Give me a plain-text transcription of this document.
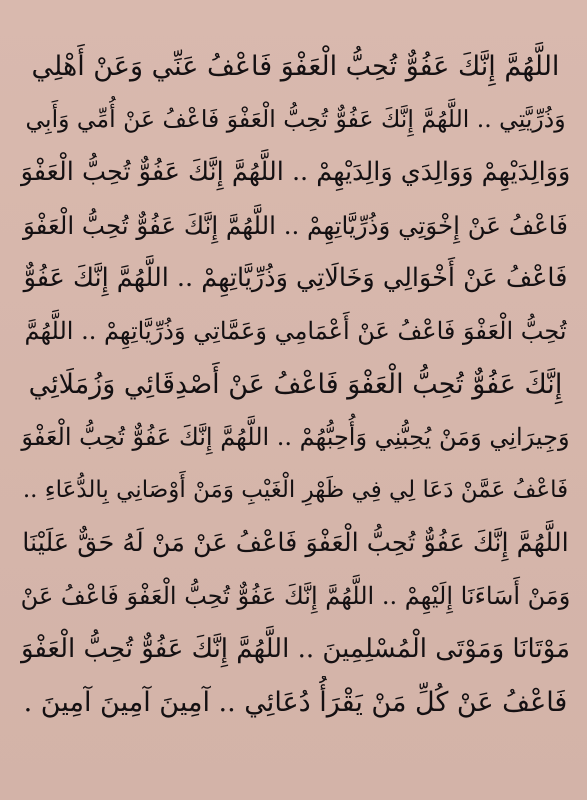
اللَّهُمَّ إِنَّكَ عَفُوٌّ تُحِبُّ الْعَفْوَ فَاعْفُ عَنِّي وَعَنْ أَهْلِي
وَذُرِّيَّتِي .. اللَّهُمَّ إِنَّكَ عَفُوٌّ تُحِبُّ الْعَفْوَ فَاعْفُ عَنْ أُمِّي وَأَبِي
وَوَالِدَيْهِمْ وَوَالِدَي وَالِدَيْهِمْ .. اللَّهُمَّ إِنَّكَ عَفُوٌّ تُحِبُّ الْعَفْوَ
فَاعْفُ عَنْ إِخْوَتِي وَذُرِّيَّاتِهِمْ .. اللَّهُمَّ إِنَّكَ عَفُوٌّ تُحِبُّ الْعَفْوَ
فَاعْفُ عَنْ أَخْوَالِي وَخَالَاتِي وَذُرِّيَّاتِهِمْ .. اللَّهُمَّ إِنَّكَ عَفُوٌّ
تُحِبُّ الْعَفْوَ فَاعْفُ عَنْ أَعْمَامِي وَعَمَّاتِي وَذُرِّيَّاتِهِمْ .. اللَّهُمَّ
إِنَّكَ عَفُوٌّ تُحِبُّ الْعَفْوَ فَاعْفُ عَنْ أَصْدِقَائِي وَزُمَلَائِي
وَجِيرَانِي وَمَنْ يُحِبُّنِي وَأُحِبُّهُمْ .. اللَّهُمَّ إِنَّكَ عَفُوٌّ تُحِبُّ الْعَفْوَ
فَاعْفُ عَمَّنْ دَعَا لِي فِي ظَهْرِ الْغَيْبِ وَمَنْ أَوْصَانِي بِالدُّعَاءِ ..
اللَّهُمَّ إِنَّكَ عَفُوٌّ تُحِبُّ الْعَفْوَ فَاعْفُ عَنْ مَنْ لَهُ حَقٌّ عَلَيْنَا
وَمَنْ أَسَاءَنَا إِلَيْهِمْ .. اللَّهُمَّ إِنَّكَ عَفُوٌّ تُحِبُّ الْعَفْوَ فَاعْفُ عَنْ
مَوْتَانَا وَمَوْتَى الْمُسْلِمِينَ .. اللَّهُمَّ إِنَّكَ عَفُوٌّ تُحِبُّ الْعَفْوَ
فَاعْفُ عَنْ كُلِّ مَنْ يَقْرَأُ دُعَائِي .. آمِينَ آمِينَ آمِينَ .
